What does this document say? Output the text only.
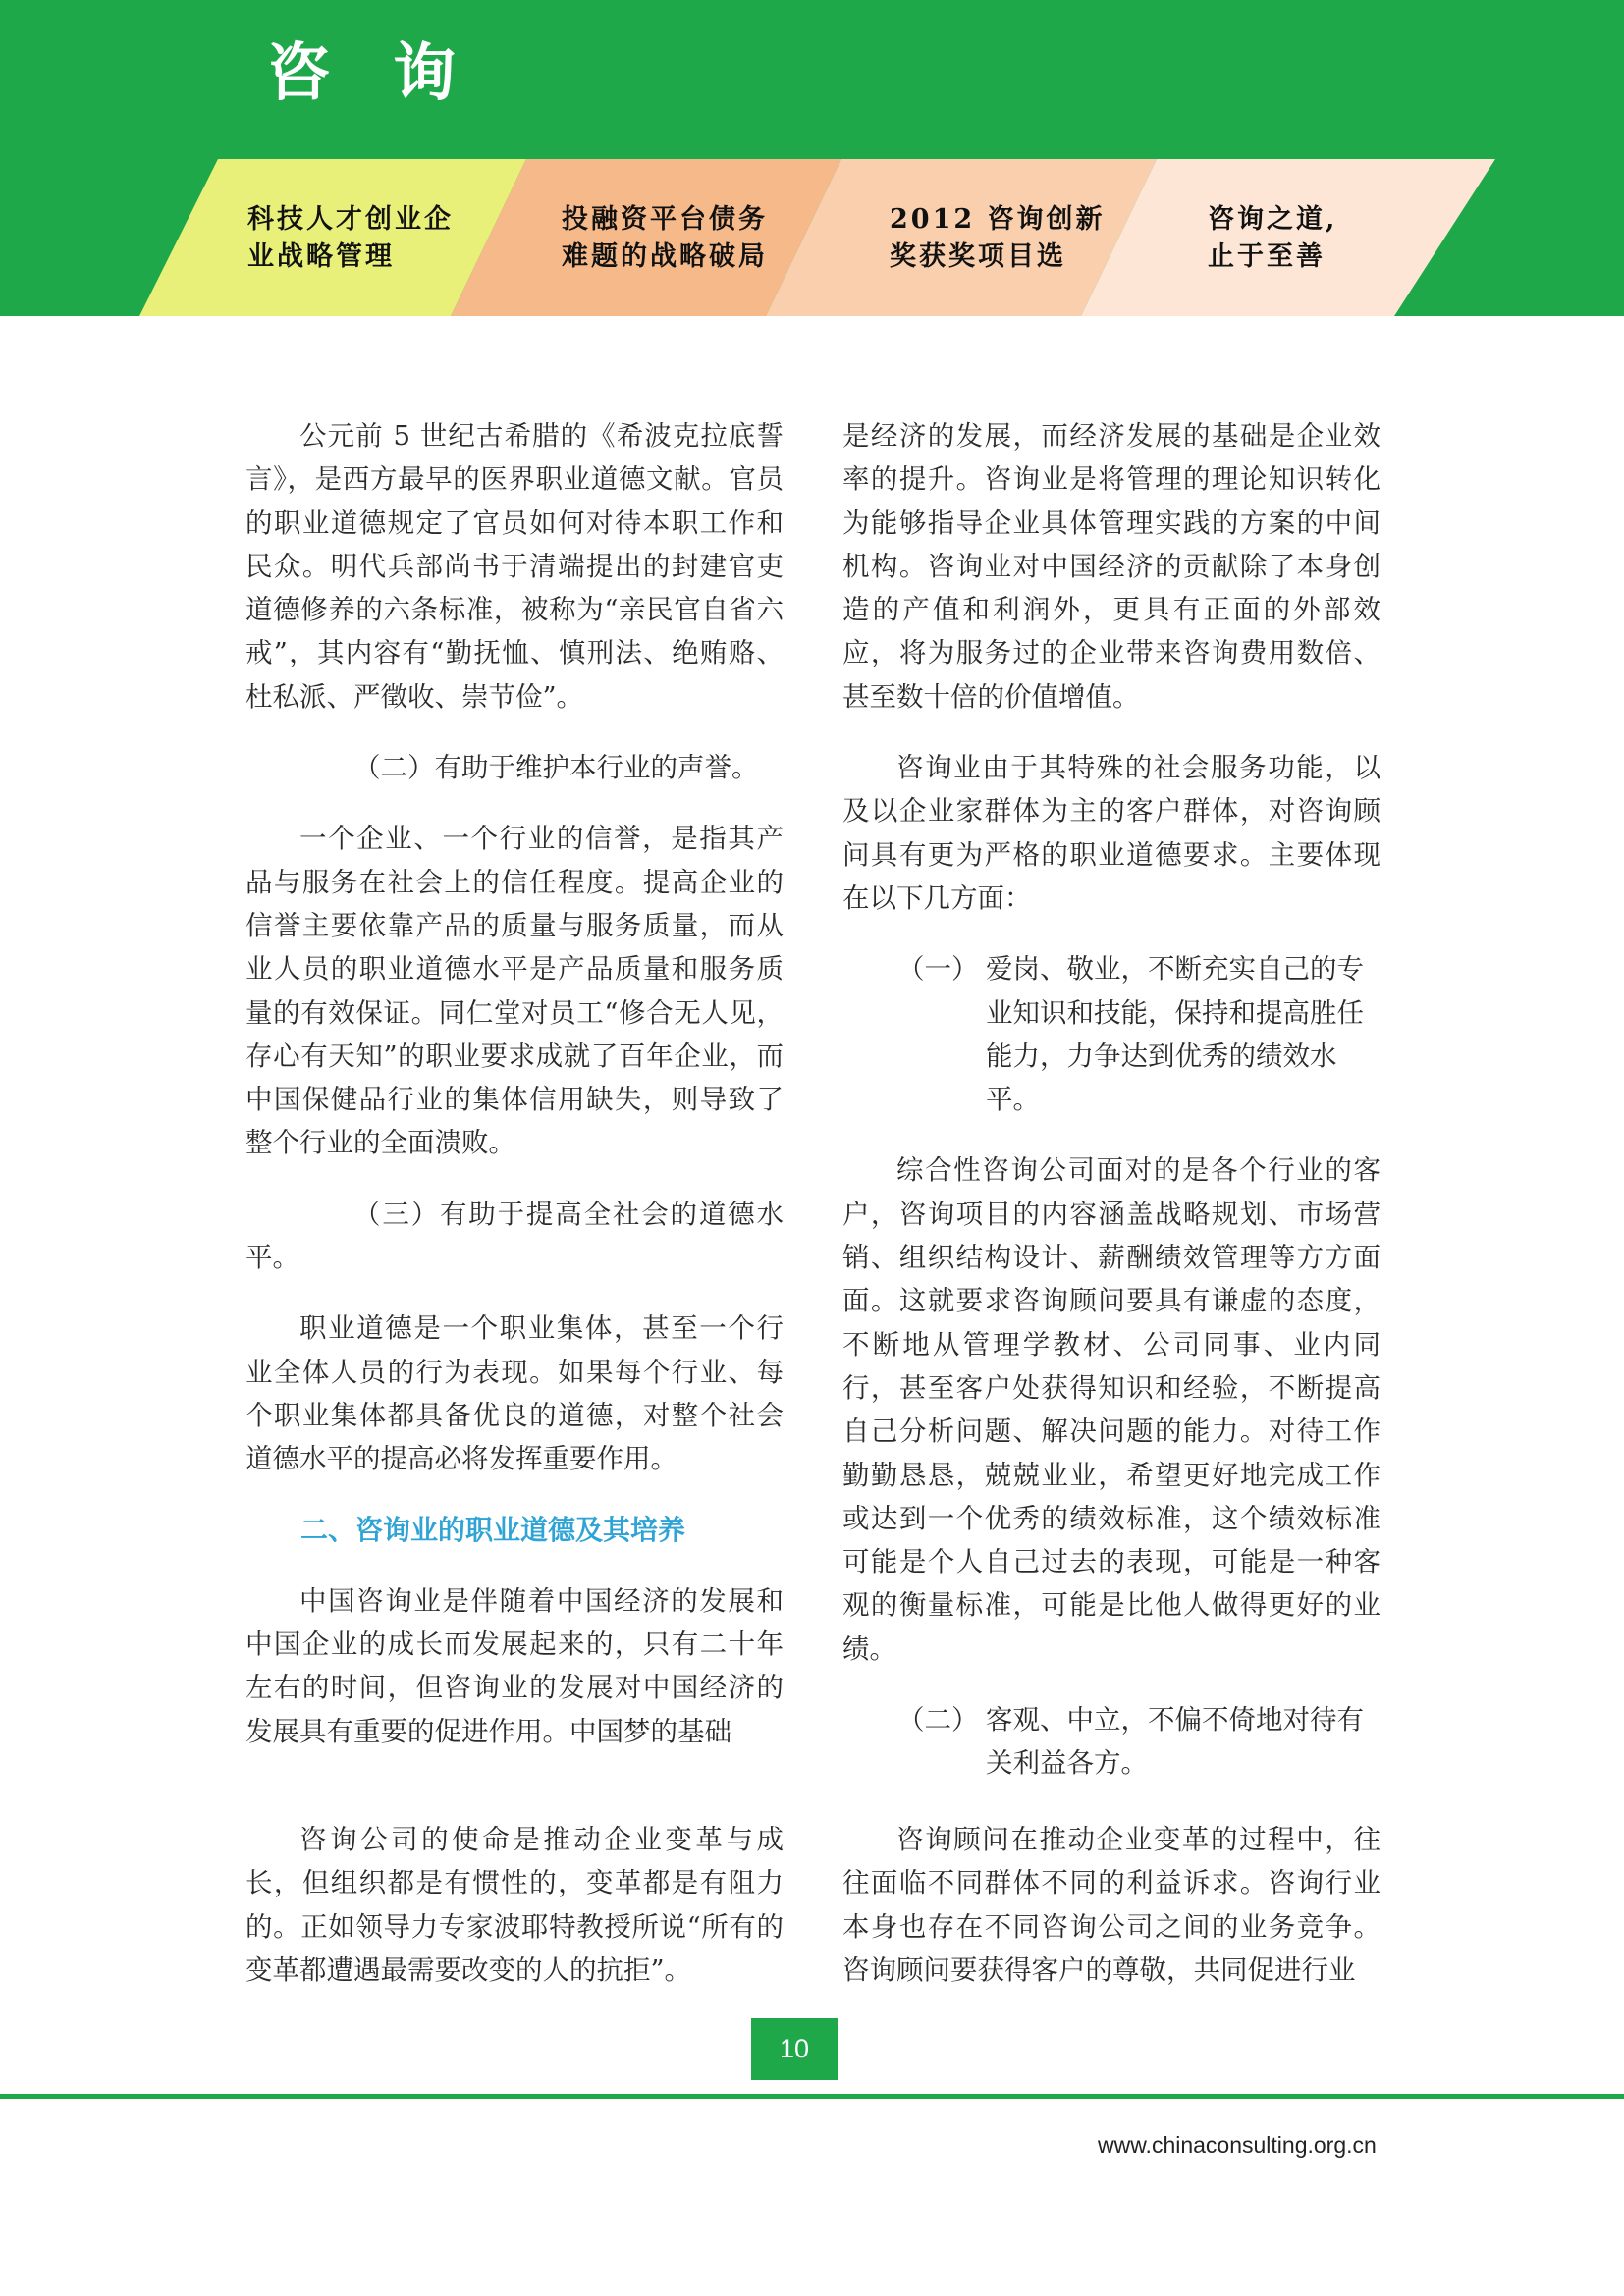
咨询
科技人才创业企
业战略管理
投融资平台债务
难题的战略破局
2012 咨询创新
奖获奖项目选
咨询之道,
止于至善

公元前 5 世纪古希腊的《希波克拉底誓言》，是西方最早的医界职业道德文献。官员的职业道德规定了官员如何对待本职工作和民众。明代兵部尚书于清端提出的封建官吏道德修养的六条标准，被称为“亲民官自省六戒”，其内容有“勤抚恤、慎刑法、绝贿赂、杜私派、严徵收、崇节俭”。

（二）有助于维护本行业的声誉。

一个企业、一个行业的信誉，是指其产品与服务在社会上的信任程度。提高企业的信誉主要依靠产品的质量与服务质量，而从业人员的职业道德水平是产品质量和服务质量的有效保证。同仁堂对员工“修合无人见，存心有天知”的职业要求成就了百年企业，而中国保健品行业的集体信用缺失，则导致了整个行业的全面溃败。

（三）有助于提高全社会的道德水平。

职业道德是一个职业集体，甚至一个行业全体人员的行为表现。如果每个行业、每个职业集体都具备优良的道德，对整个社会道德水平的提高必将发挥重要作用。

二、咨询业的职业道德及其培养

中国咨询业是伴随着中国经济的发展和中国企业的成长而发展起来的，只有二十年左右的时间，但咨询业的发展对中国经济的发展具有重要的促进作用。中国梦的基础

咨询公司的使命是推动企业变革与成长，但组织都是有惯性的，变革都是有阻力的。正如领导力专家波耶特教授所说“所有的变革都遭遇最需要改变的人的抗拒”。

是经济的发展，而经济发展的基础是企业效率的提升。咨询业是将管理的理论知识转化为能够指导企业具体管理实践的方案的中间机构。咨询业对中国经济的贡献除了本身创造的产值和利润外，更具有正面的外部效应，将为服务过的企业带来咨询费用数倍、甚至数十倍的价值增值。

咨询业由于其特殊的社会服务功能，以及以企业家群体为主的客户群体，对咨询顾问具有更为严格的职业道德要求。主要体现在以下几方面：

（一） 爱岗、敬业，不断充实自己的专业知识和技能，保持和提高胜任能力，力争达到优秀的绩效水平。

综合性咨询公司面对的是各个行业的客户，咨询项目的内容涵盖战略规划、市场营销、组织结构设计、薪酬绩效管理等方方面面。这就要求咨询顾问要具有谦虚的态度，不断地从管理学教材、公司同事、业内同行，甚至客户处获得知识和经验，不断提高自己分析问题、解决问题的能力。对待工作勤勤恳恳，兢兢业业，希望更好地完成工作或达到一个优秀的绩效标准，这个绩效标准可能是个人自己过去的表现，可能是一种客观的衡量标准，可能是比他人做得更好的业绩。

（二） 客观、中立，不偏不倚地对待有关利益各方。

咨询顾问在推动企业变革的过程中，往往面临不同群体不同的利益诉求。咨询行业本身也存在不同咨询公司之间的业务竞争。咨询顾问要获得客户的尊敬，共同促进行业

10
www.chinaconsulting.org.cn
